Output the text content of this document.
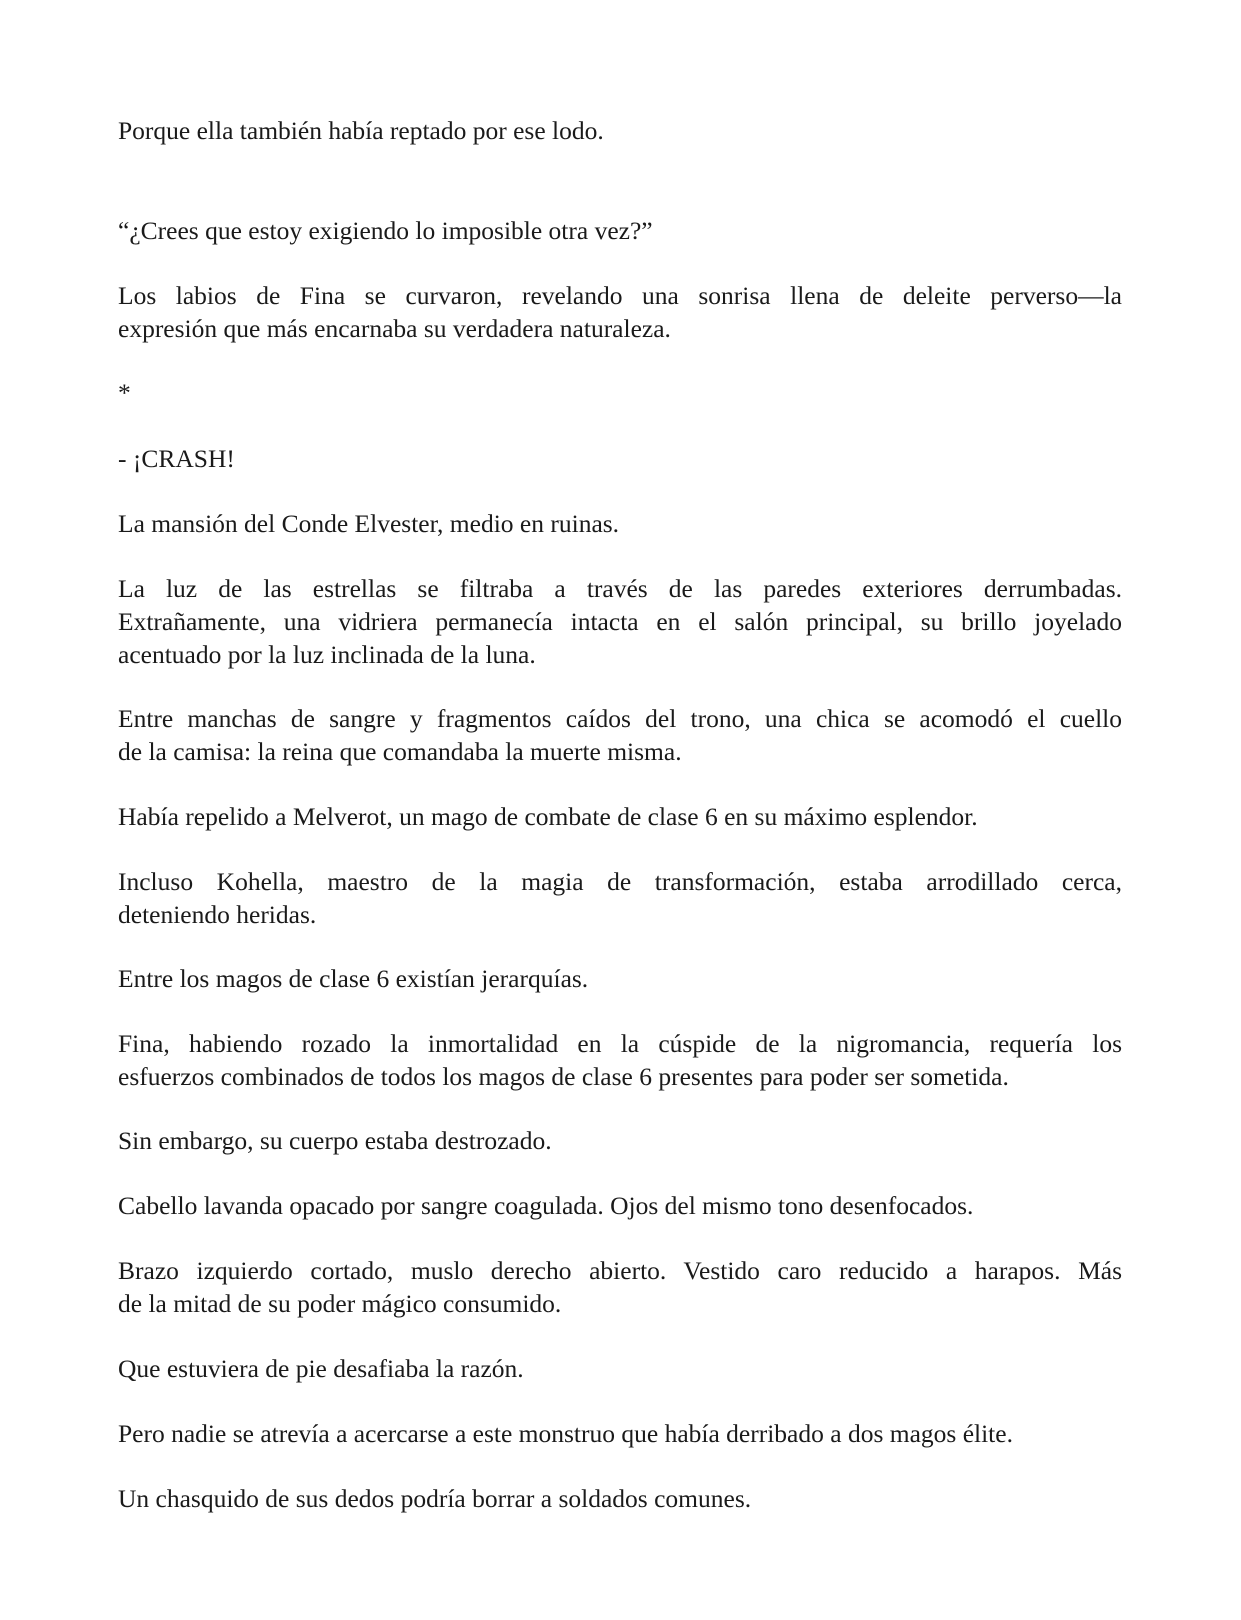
Porque ella también había reptado por ese lodo.

“¿Crees que estoy exigiendo lo imposible otra vez?”

Los labios de Fina se curvaron, revelando una sonrisa llena de deleite perverso—la
expresión que más encarnaba su verdadera naturaleza.

*

- ¡CRASH!

La mansión del Conde Elvester, medio en ruinas.

La luz de las estrellas se filtraba a través de las paredes exteriores derrumbadas.
Extrañamente, una vidriera permanecía intacta en el salón principal, su brillo joyelado
acentuado por la luz inclinada de la luna.

Entre manchas de sangre y fragmentos caídos del trono, una chica se acomodó el cuello
de la camisa: la reina que comandaba la muerte misma.

Había repelido a Melverot, un mago de combate de clase 6 en su máximo esplendor.

Incluso Kohella, maestro de la magia de transformación, estaba arrodillado cerca,
deteniendo heridas.

Entre los magos de clase 6 existían jerarquías.

Fina, habiendo rozado la inmortalidad en la cúspide de la nigromancia, requería los
esfuerzos combinados de todos los magos de clase 6 presentes para poder ser sometida.

Sin embargo, su cuerpo estaba destrozado.

Cabello lavanda opacado por sangre coagulada. Ojos del mismo tono desenfocados.

Brazo izquierdo cortado, muslo derecho abierto. Vestido caro reducido a harapos. Más
de la mitad de su poder mágico consumido.

Que estuviera de pie desafiaba la razón.

Pero nadie se atrevía a acercarse a este monstruo que había derribado a dos magos élite.

Un chasquido de sus dedos podría borrar a soldados comunes.
